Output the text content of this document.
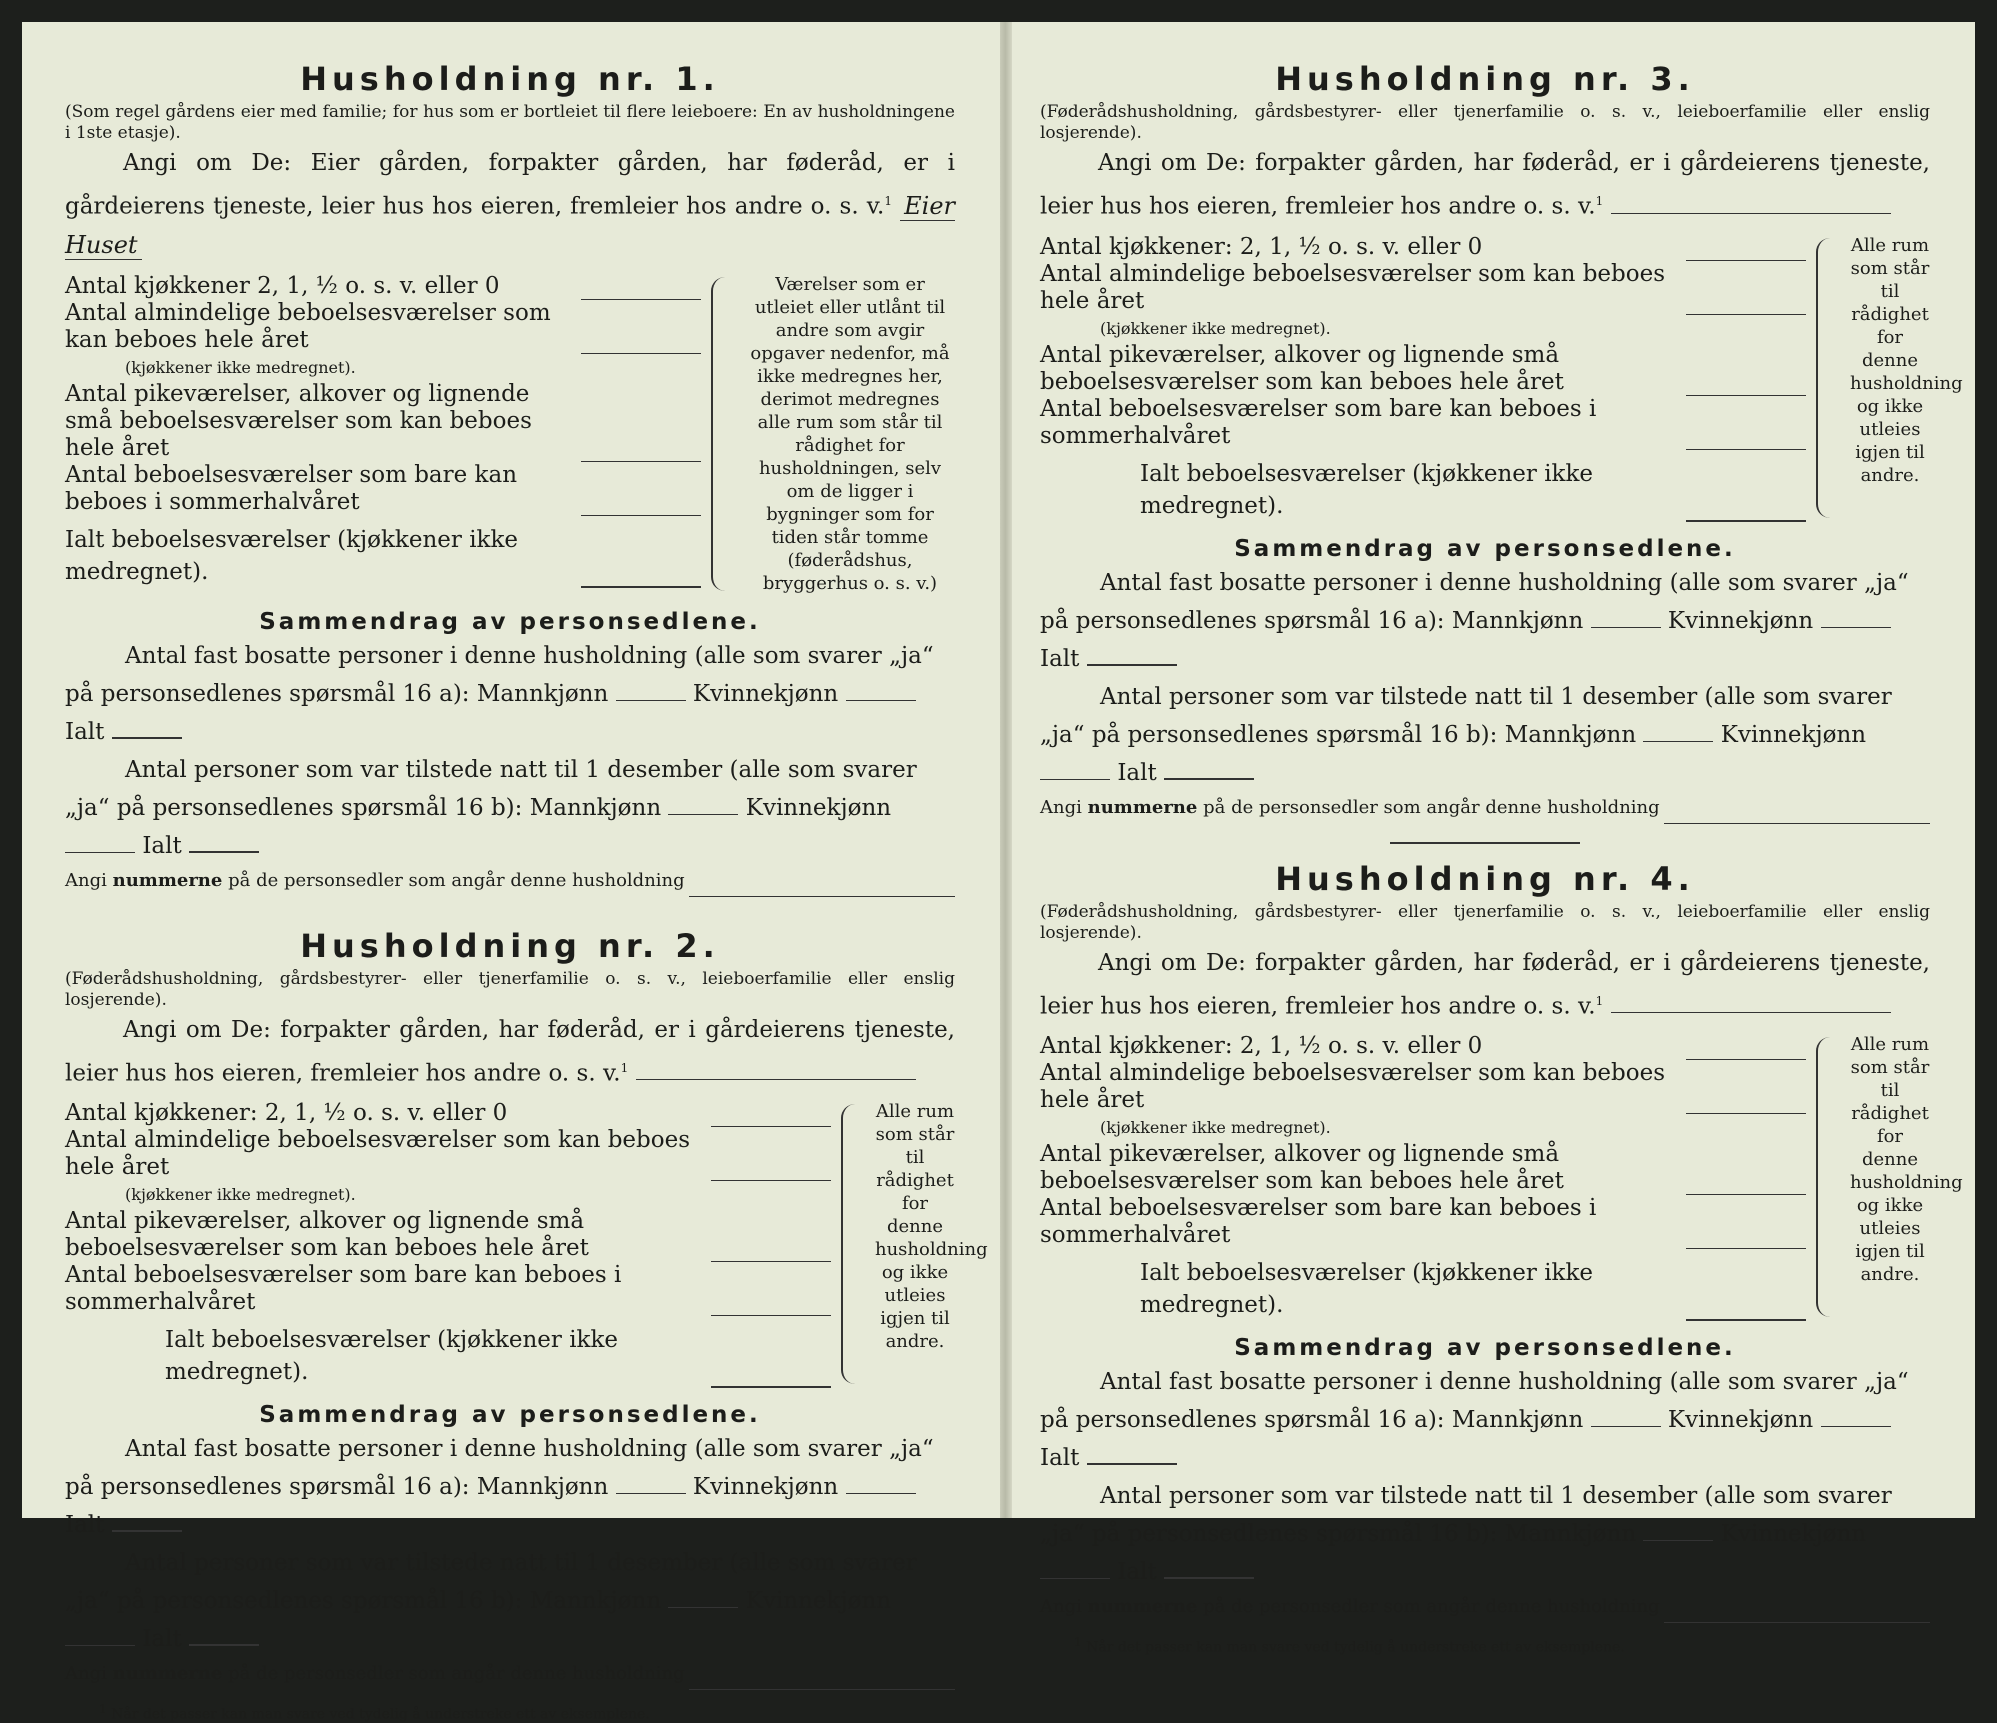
Husholdning nr. 1.
(Som regel gårdens eier med familie; for hus som er bortleiet til flere leieboere: En av husholdningene i 1ste etasje).
Angi om De: Eier gården, forpakter gården, har føderåd, er i gårdeierens tjeneste, leier hus hos eieren, fremleier hos andre o. s. v.$^1$ Eier Huset
Antal kjøkkener 2, 1, ½ o. s. v. eller 0
Antal almindelige beboelsesværelser som kan beboes hele året
(kjøkkener ikke medregnet).
Antal pikeværelser, alkover og lignende små beboelsesværelser som kan beboes hele året
Antal beboelsesværelser som bare kan beboes i sommerhalvåret
Ialt beboelsesværelser (kjøkkener ikke medregnet).
Værelser som er utleiet eller utlånt til andre som avgir opgaver nedenfor, må ikke medregnes her, derimot medregnes alle rum som står til rådighet for husholdningen, selv om de ligger i bygninger som for tiden står tomme (føderådshus, bryggerhus o. s. v.)
Sammendrag av personsedlene.
Antal fast bosatte personer i denne husholdning (alle som svarer „ja“ på personsedlenes spørsmål 16 a): Mannkjønn	Kvinnekjønn  Ialt
Antal personer som var tilstede natt til 1 desember (alle som svarer „ja“ på personsedlenes spørsmål 16 b): Mannkjønn	Kvinnekjønn  Ialt
Angi
nummerne
på de personsedler som angår denne husholdning
Husholdning nr. 2.
(Føderådshusholdning, gårdsbestyrer- eller tjenerfamilie o. s. v., leieboerfamilie eller enslig losjerende).
Angi om De: forpakter gården, har føderåd, er i gårdeierens tjeneste, leier hus hos eieren, fremleier hos andre o. s. v.$^1$
Antal kjøkkener: 2, 1, ½ o. s. v. eller 0
Antal almindelige beboelsesværelser som kan beboes hele året
(kjøkkener ikke medregnet).
Antal pikeværelser, alkover og lignende små beboelsesværelser som kan beboes hele året
Antal beboelsesværelser som bare kan beboes i sommerhalvåret
Ialt beboelsesværelser (kjøkkener ikke medregnet).
Alle rum som står til rådighet for denne husholdning og ikke utleies igjen til andre.
Sammendrag av personsedlene.
Antal fast bosatte personer i denne husholdning (alle som svarer „ja“ på personsedlenes spørsmål 16 a): Mannkjønn	Kvinnekjønn  Ialt
Antal personer som var tilstede natt til 1 desember (alle som svarer „ja“ på personsedlenes spørsmål 16 b): Mannkjønn	Kvinnekjønn  Ialt
Angi
nummerne
på de personsedler som angår denne husholdning
$^1$ Når det passer kan man svare ved tydelig å understreke ett av eksemplene.
Husholdning nr. 3.
(Føderådshusholdning, gårdsbestyrer- eller tjenerfamilie o. s. v., leieboerfamilie eller enslig losjerende).
Angi om De: forpakter gården, har føderåd, er i gårdeierens tjeneste, leier hus hos eieren, fremleier hos andre o. s. v.$^1$
Antal kjøkkener: 2, 1, ½ o. s. v. eller 0
Antal almindelige beboelsesværelser som kan beboes hele året
(kjøkkener ikke medregnet).
Antal pikeværelser, alkover og lignende små beboelsesværelser som kan beboes hele året
Antal beboelsesværelser som bare kan beboes i sommerhalvåret
Ialt beboelsesværelser (kjøkkener ikke medregnet).
Alle rum som står til rådighet for denne husholdning og ikke utleies igjen til andre.
Sammendrag av personsedlene.
Antal fast bosatte personer i denne husholdning (alle som svarer „ja“ på personsedlenes spørsmål 16 a): Mannkjønn	Kvinnekjønn  Ialt
Antal personer som var tilstede natt til 1 desember (alle som svarer „ja“ på personsedlenes spørsmål 16 b): Mannkjønn	Kvinnekjønn  Ialt
Angi
nummerne
på de personsedler som angår denne husholdning
Husholdning nr. 4.
(Føderådshusholdning, gårdsbestyrer- eller tjenerfamilie o. s. v., leieboerfamilie eller enslig losjerende).
Angi om De: forpakter gården, har føderåd, er i gårdeierens tjeneste, leier hus hos eieren, fremleier hos andre o. s. v.$^1$
Antal kjøkkener: 2, 1, ½ o. s. v. eller 0
Antal almindelige beboelsesværelser som kan beboes hele året
(kjøkkener ikke medregnet).
Antal pikeværelser, alkover og lignende små beboelsesværelser som kan beboes hele året
Antal beboelsesværelser som bare kan beboes i sommerhalvåret
Ialt beboelsesværelser (kjøkkener ikke medregnet).
Alle rum som står til rådighet for denne husholdning og ikke utleies igjen til andre.
Sammendrag av personsedlene.
Antal fast bosatte personer i denne husholdning (alle som svarer „ja“ på personsedlenes spørsmål 16 a): Mannkjønn	Kvinnekjønn  Ialt
Antal personer som var tilstede natt til 1 desember (alle som svarer „ja“ på personsedlenes spørsmål 16 b): Mannkjønn	Kvinnekjønn  Ialt
Angi
nummerne
på de personsedler som angår denne husholdning
$^1$ Når det passer kan man svare ved tydelig å understreke ett av eksemplene.
